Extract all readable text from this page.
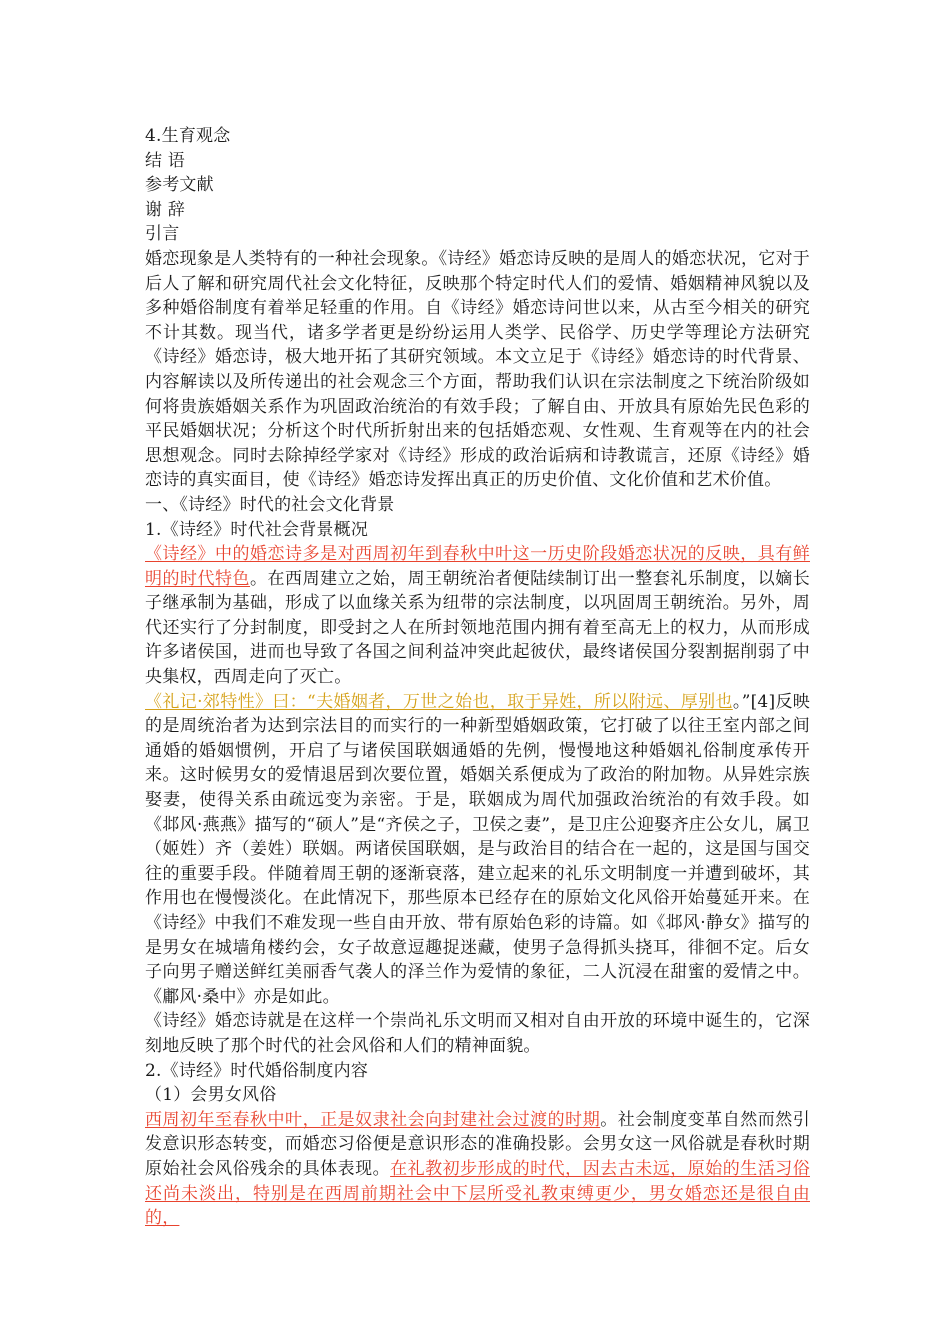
4.生育观念
结 语
参考文献
谢 辞
引言
婚恋现象是人类特有的一种社会现象。《诗经》婚恋诗反映的是周人的婚恋状况，它对于后人了解和研究周代社会文化特征，反映那个特定时代人们的爱情、婚姻精神风貌以及多种婚俗制度有着举足轻重的作用。自《诗经》婚恋诗问世以来，从古至今相关的研究不计其数。现当代，诸多学者更是纷纷运用人类学、民俗学、历史学等理论方法研究《诗经》婚恋诗，极大地开拓了其研究领域。本文立足于《诗经》婚恋诗的时代背景、内容解读以及所传递出的社会观念三个方面，帮助我们认识在宗法制度之下统治阶级如何将贵族婚姻关系作为巩固政治统治的有效手段；了解自由、开放具有原始先民色彩的平民婚姻状况；分析这个时代所折射出来的包括婚恋观、女性观、生育观等在内的社会思想观念。同时去除掉经学家对《诗经》形成的政治诟病和诗教谎言，还原《诗经》婚恋诗的真实面目，使《诗经》婚恋诗发挥出真正的历史价值、文化价值和艺术价值。
一、《诗经》时代的社会文化背景
1.《诗经》时代社会背景概况
《诗经》中的婚恋诗多是对西周初年到春秋中叶这一历史阶段婚恋状况的反映，具有鲜明的时代特色。在西周建立之始，周王朝统治者便陆续制订出一整套礼乐制度，以嫡长子继承制为基础，形成了以血缘关系为纽带的宗法制度，以巩固周王朝统治。另外，周代还实行了分封制度，即受封之人在所封领地范围内拥有着至高无上的权力，从而形成许多诸侯国，进而也导致了各国之间利益冲突此起彼伏，最终诸侯国分裂割据削弱了中央集权，西周走向了灭亡。
《礼记·郊特性》曰：“夫婚姻者，万世之始也，取于异姓，所以附远、厚别也。”[4]反映的是周统治者为达到宗法目的而实行的一种新型婚姻政策，它打破了以往王室内部之间通婚的婚姻惯例，开启了与诸侯国联姻通婚的先例，慢慢地这种婚姻礼俗制度承传开来。这时候男女的爱情退居到次要位置，婚姻关系便成为了政治的附加物。从异姓宗族娶妻，使得关系由疏远变为亲密。于是，联姻成为周代加强政治统治的有效手段。如《邶风·燕燕》描写的“硕人”是“齐侯之子，卫侯之妻”，是卫庄公迎娶齐庄公女儿，属卫（姬姓）齐（姜姓）联姻。两诸侯国联姻，是与政治目的结合在一起的，这是国与国交往的重要手段。伴随着周王朝的逐渐衰落，建立起来的礼乐文明制度一并遭到破坏，其作用也在慢慢淡化。在此情况下，那些原本已经存在的原始文化风俗开始蔓延开来。在《诗经》中我们不难发现一些自由开放、带有原始色彩的诗篇。如《邶风·静女》描写的是男女在城墙角楼约会，女子故意逗趣捉迷藏，使男子急得抓头挠耳，徘徊不定。后女子向男子赠送鲜红美丽香气袭人的泽兰作为爱情的象征，二人沉浸在甜蜜的爱情之中。《鄘风·桑中》亦是如此。
《诗经》婚恋诗就是在这样一个崇尚礼乐文明而又相对自由开放的环境中诞生的，它深刻地反映了那个时代的社会风俗和人们的精神面貌。
2.《诗经》时代婚俗制度内容
（1）会男女风俗
西周初年至春秋中叶，正是奴隶社会向封建社会过渡的时期。社会制度变革自然而然引发意识形态转变，而婚恋习俗便是意识形态的准确投影。会男女这一风俗就是春秋时期原始社会风俗残余的具体表现。在礼教初步形成的时代，因去古未远，原始的生活习俗还尚未淡出，特别是在西周前期社会中下层所受礼教束缚更少，男女婚恋还是很自由的，
